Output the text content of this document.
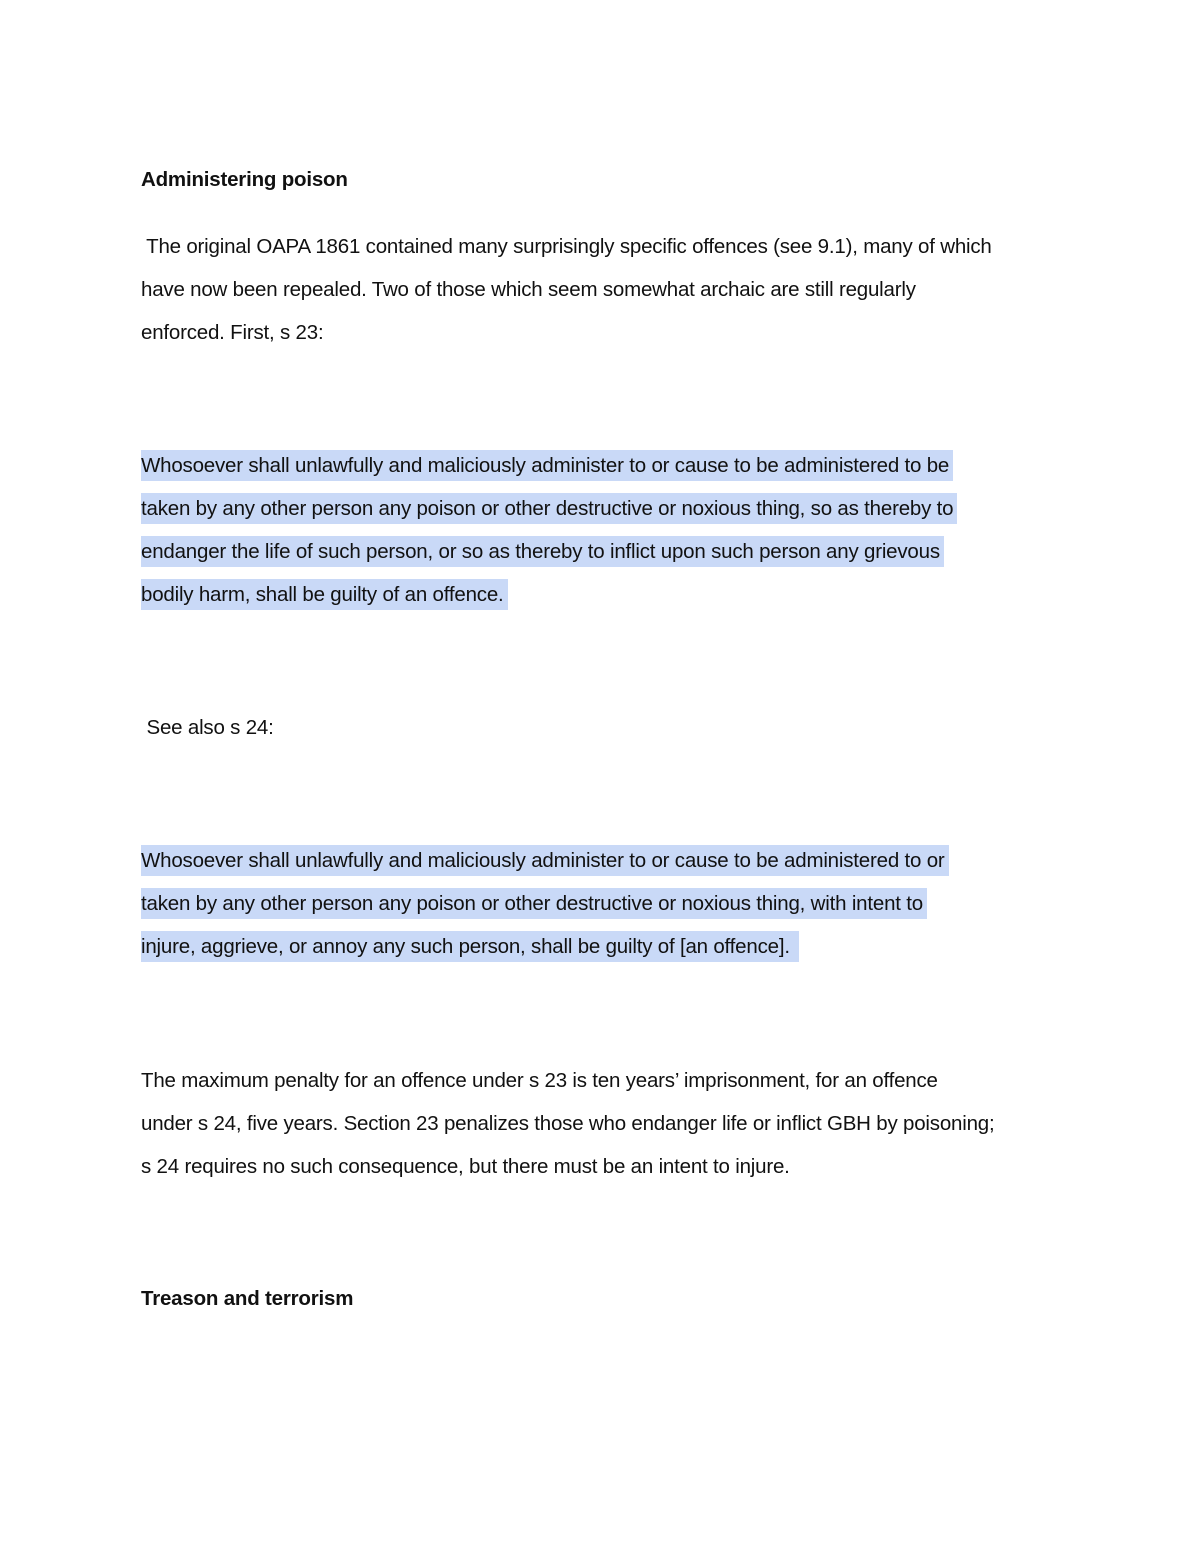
Administering poison
The original OAPA 1861 contained many surprisingly specific offences (see 9.1), many of which
have now been repealed. Two of those which seem somewhat archaic are still regularly
enforced. First, s 23:
Whosoever shall unlawfully and maliciously administer to or cause to be administered to be
taken by any other person any poison or other destructive or noxious thing, so as thereby to
endanger the life of such person, or so as thereby to inflict upon such person any grievous
bodily harm, shall be guilty of an offence.
See also s 24:
Whosoever shall unlawfully and maliciously administer to or cause to be administered to or
taken by any other person any poison or other destructive or noxious thing, with intent to
injure, aggrieve, or annoy any such person, shall be guilty of [an offence].
The maximum penalty for an offence under s 23 is ten years’ imprisonment, for an offence
under s 24, five years. Section 23 penalizes those who endanger life or inflict GBH by poisoning;
s 24 requires no such consequence, but there must be an intent to injure.
Treason and terrorism
